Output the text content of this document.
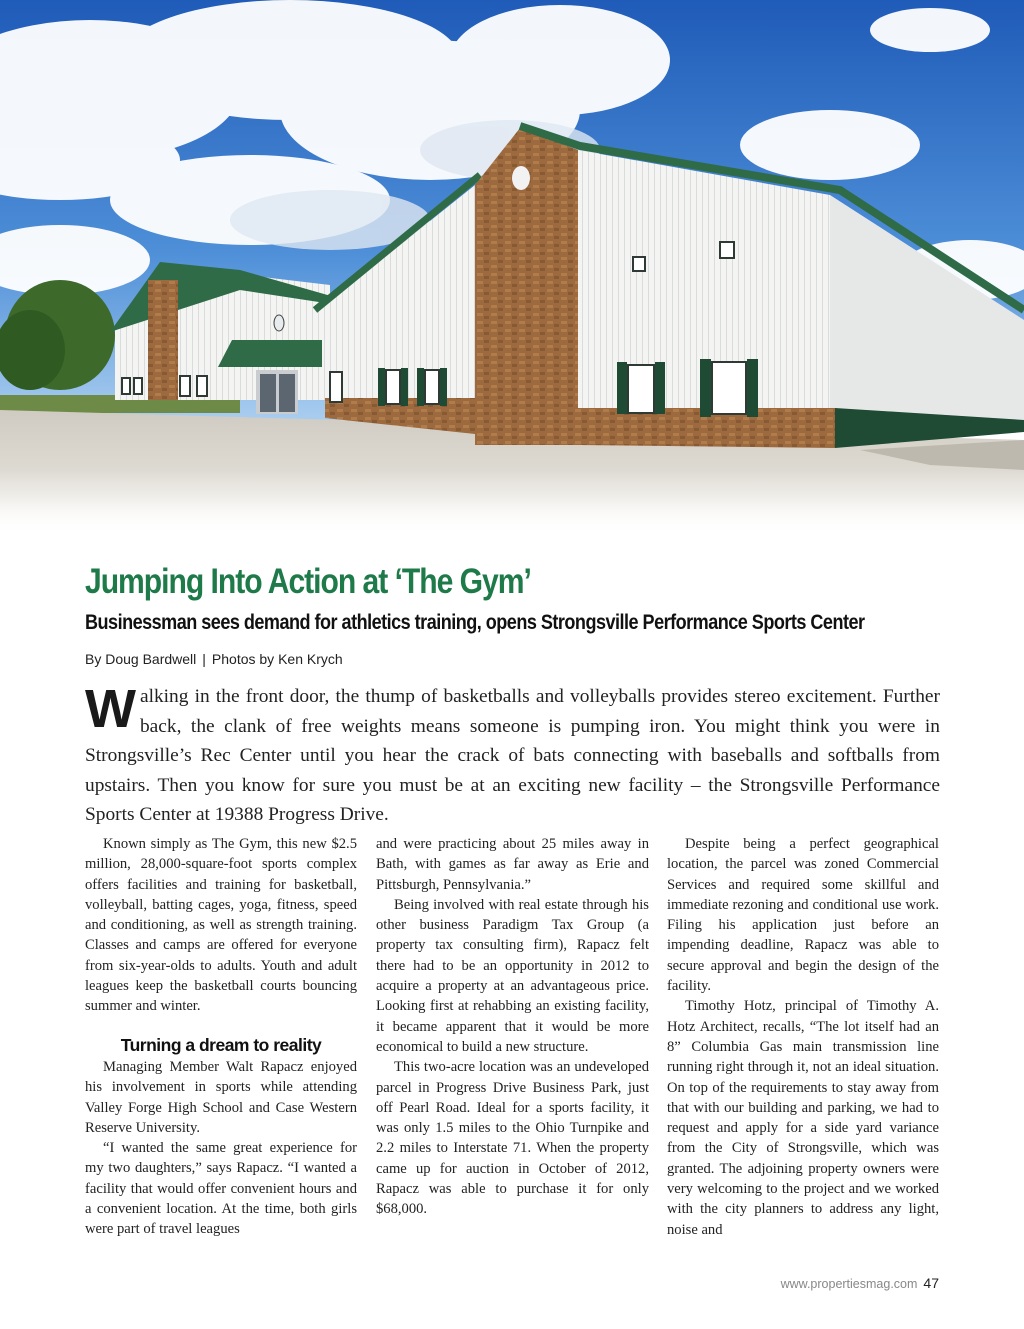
Jumping Into Action at ‘The Gym’
Businessman sees demand for athletics training, opens Strongsville Performance Sports Center
By Doug Bardwell | Photos by Ken Krych

Walking in the front door, the thump of basketballs and volleyballs provides stereo excitement. Further back, the clank of free weights means someone is pumping iron. You might think you were in Strongsville’s Rec Center until you hear the crack of bats connecting with baseballs and softballs from upstairs. Then you know for sure you must be at an exciting new facility – the Strongsville Performance Sports Center at 19388 Progress Drive.

Known simply as The Gym, this new $2.5 million, 28,000-square-foot sports complex offers facilities and training for basketball, volleyball, batting cages, yoga, fitness, speed and conditioning, as well as strength training. Classes and camps are offered for everyone from six-year-olds to adults. Youth and adult leagues keep the basketball courts bouncing summer and winter.

Turning a dream to reality

Managing Member Walt Rapacz enjoyed his involvement in sports while attending Valley Forge High School and Case Western Reserve University.

“I wanted the same great experience for my two daughters,” says Rapacz. “I wanted a facility that would offer convenient hours and a convenient location. At the time, both girls were part of travel leagues

and were practicing about 25 miles away in Bath, with games as far away as Erie and Pittsburgh, Pennsylvania.”

Being involved with real estate through his other business Paradigm Tax Group (a property tax consulting firm), Rapacz felt there had to be an opportunity in 2012 to acquire a property at an advantageous price. Looking first at rehabbing an existing facility, it became apparent that it would be more economical to build a new structure.

This two-acre location was an undeveloped parcel in Progress Drive Business Park, just off Pearl Road. Ideal for a sports facility, it was only 1.5 miles to the Ohio Turnpike and 2.2 miles to Interstate 71. When the property came up for auction in October of 2012, Rapacz was able to purchase it for only $68,000.

Despite being a perfect geographical location, the parcel was zoned Commercial Services and required some skillful and immediate rezoning and conditional use work. Filing his application just before an impending deadline, Rapacz was able to secure approval and begin the design of the facility.

Timothy Hotz, principal of Timothy A. Hotz Architect, recalls, “The lot itself had an 8” Columbia Gas main transmission line running right through it, not an ideal situation. On top of the requirements to stay away from that with our building and parking, we had to request and apply for a side yard variance from the City of Strongsville, which was granted. The adjoining property owners were very welcoming to the project and we worked with the city planners to address any light, noise and

www.propertiesmag.com 47
